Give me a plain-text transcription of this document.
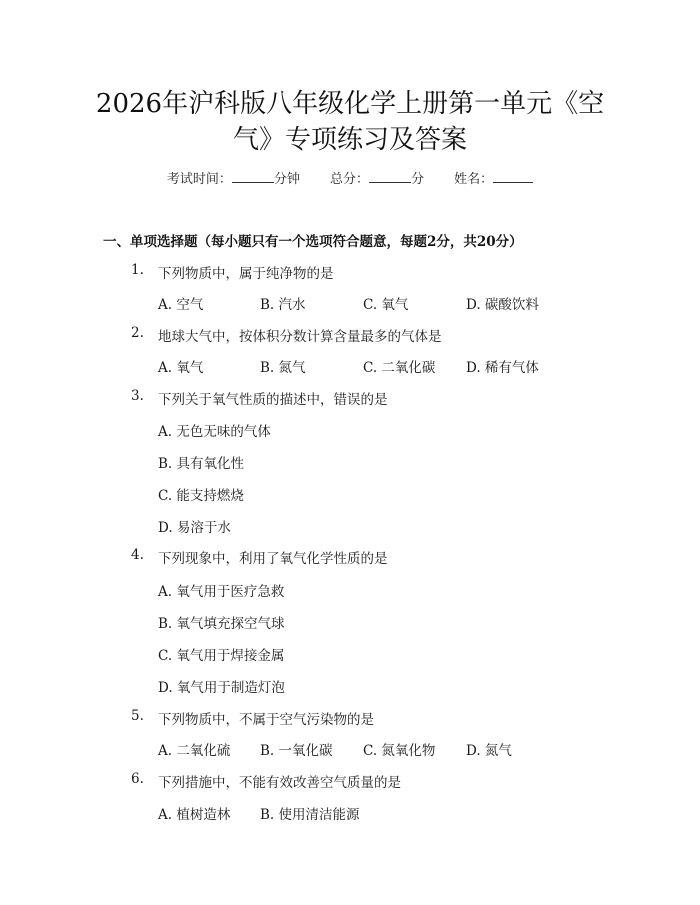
2026年沪科版八年级化学上册第一单元《空
气》专项练习及答案
考试时间：	分钟 总分：	分 姓名：
一、单项选择题（每小题只有一个选项符合题意，每题2分，共20分）
1. 下列物质中，属于纯净物的是
A. 空气	B. 汽水	C. 氧气	D. 碳酸饮料
2. 地球大气中，按体积分数计算含量最多的气体是
A. 氧气	B. 氮气	C. 二氧化碳 D. 稀有气体
3. 下列关于氧气性质的描述中，错误的是
A. 无色无味的气体
B. 具有氧化性
C. 能支持燃烧
D. 易溶于水
4. 下列现象中，利用了氧气化学性质的是
A. 氧气用于医疗急救
B. 氧气填充探空气球
C. 氧气用于焊接金属
D. 氧气用于制造灯泡
5. 下列物质中，不属于空气污染物的是
A. 二氧化硫 B. 一氧化碳 C. 氮氧化物 D. 氮气
6. 下列措施中，不能有效改善空气质量的是
A. 植树造林 B. 使用清洁能源
